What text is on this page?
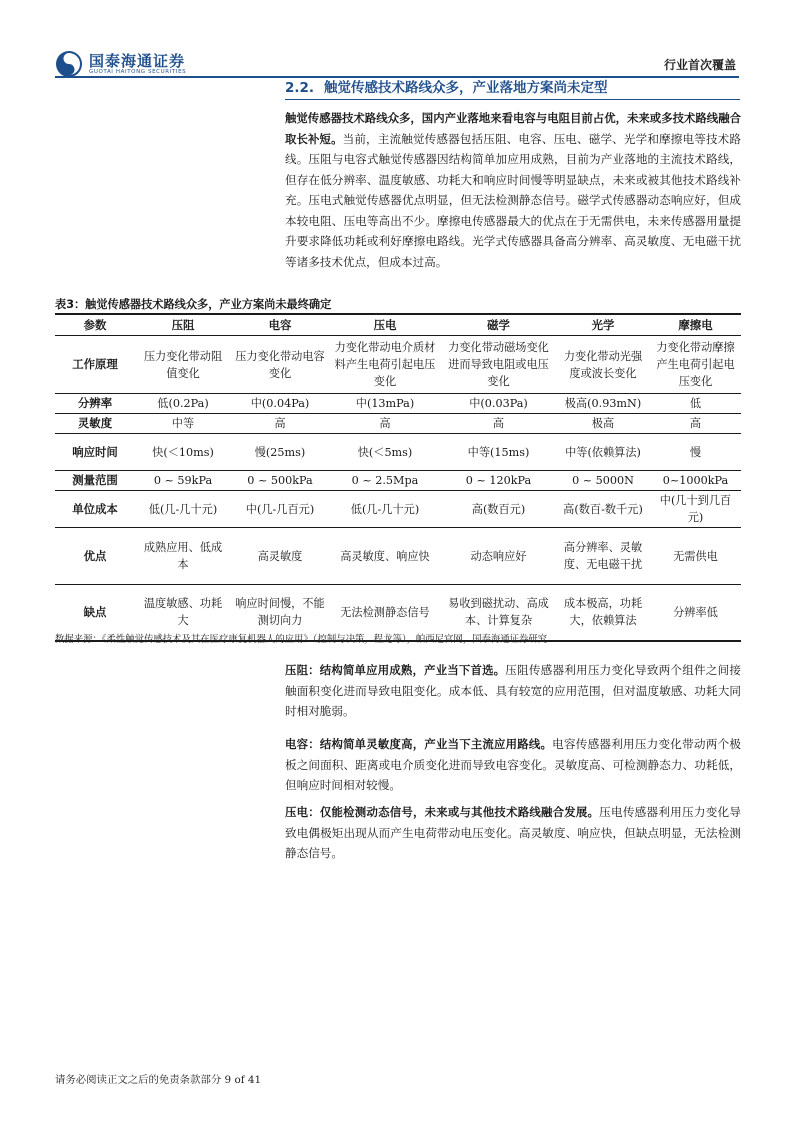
国泰海通证券
GUOTAI HAITONG SECURITIES	行业首次覆盖
2.2. 触觉传感技术路线众多，产业落地方案尚未定型
触觉传感器技术路线众多，国内产业落地来看电容与电阻目前占优，未来或多技术路线融合取长补短。当前，主流触觉传感器包括压阻、电容、压电、磁学、光学和摩擦电等技术路线。压阻与电容式触觉传感器因结构简单加应用成熟，目前为产业落地的主流技术路线，但存在低分辨率、温度敏感、功耗大和响应时间慢等明显缺点，未来或被其他技术路线补充。压电式触觉传感器优点明显，但无法检测静态信号。磁学式传感器动态响应好，但成本较电阻、压电等高出不少。摩擦电传感器最大的优点在于无需供电，未来传感器用量提升要求降低功耗或利好摩擦电路线。光学式传感器具备高分辨率、高灵敏度、无电磁干扰等诸多技术优点，但成本过高。
表3：触觉传感器技术路线众多，产业方案尚未最终确定
参数	压阻	电容	压电	磁学	光学	摩擦电
工作原理	压力变化带动阻值变化	压力变化带动电容变化	力变化带动电介质材料产生电荷引起电压变化	力变化带动磁场变化进而导致电阻或电压变化	力变化带动光强度或波长变化	力变化带动摩擦产生电荷引起电压变化
分辨率	低(0.2Pa)	中(0.04Pa)	中(13mPa)	中(0.03Pa)	极高(0.93mN)	低
灵敏度	中等	高	高	高	极高	高
响应时间	快(＜10ms)	慢(25ms)	快(＜5ms)	中等(15ms)	中等(依赖算法)	慢
测量范围	0 ~ 59kPa	0 ~ 500kPa	0 ~ 2.5Mpa	0 ~ 120kPa	0 ~ 5000N	0~1000kPa
单位成本	低(几-几十元)	中(几-几百元)	低(几-几十元)	高(数百元)	高(数百-数千元)	中(几十到几百元)
优点	成熟应用、低成本	高灵敏度	高灵敏度、响应快	动态响应好	高分辨率、灵敏度、无电磁干扰	无需供电
缺点	温度敏感、功耗大	响应时间慢，不能测切向力	无法检测静态信号	易收到磁扰动、高成本、计算复杂	成本极高，功耗大，依赖算法	分辨率低
数据来源：《柔性触觉传感技术及其在医疗康复机器人的应用》（控制与决策，程龙等），帕西尼官网，国泰海通证券研究
压阻：结构简单应用成熟，产业当下首选。压阻传感器利用压力变化导致两个组件之间接触面积变化进而导致电阻变化。成本低、具有较宽的应用范围，但对温度敏感、功耗大同时相对脆弱。
电容：结构简单灵敏度高，产业当下主流应用路线。电容传感器利用压力变化带动两个极板之间面积、距离或电介质变化进而导致电容变化。灵敏度高、可检测静态力、功耗低，但响应时间相对较慢。
压电：仅能检测动态信号，未来或与其他技术路线融合发展。压电传感器利用压力变化导致电偶极矩出现从而产生电荷带动电压变化。高灵敏度、响应快，但缺点明显，无法检测静态信号。
请务必阅读正文之后的免责条款部分 9 of 41
